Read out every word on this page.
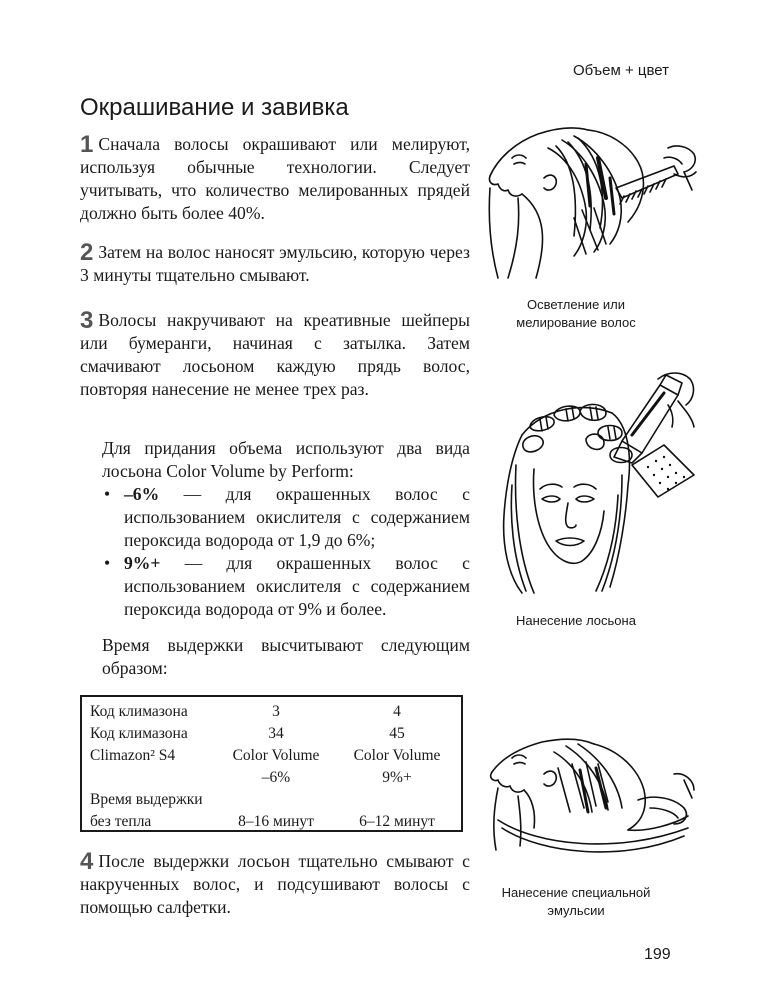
Объем + цвет
Окрашивание и завивка

1 Сначала волосы окрашивают или мелируют, используя обычные технологии. Следует учитывать, что количество мелированных прядей должно быть более 40%.

2 Затем на волос наносят эмульсию, которую через 3 минуты тщательно смывают.

3 Волосы накручивают на креативные шейперы или бумеранги, начиная с затылка. Затем смачивают лосьоном каждую прядь волос, повторяя нанесение не менее трех раз.

Для придания объема используют два вида лосьона Color Volume by Perform:

• –6% — для окрашенных волос с использованием окислителя с содержанием пероксида водорода от 1,9 до 6%;
• 9%+ — для окрашенных волос с использованием окислителя с содержанием пероксида водорода от 9% и более.

Время выдержки высчитывают следующим образом:

Код климазона	3	4
Код климазона	34	45
Climazon² S4	Color Volume	Color Volume
	–6%	9%+
Время выдержки		
без тепла	8–16 минут	6–12 минут

4 После выдержки лосьон тщательно смывают с накрученных волос, и подсушивают волосы с помощью салфетки.

Осветление или мелирование волос
Нанесение лосьона
Нанесение специальной эмульсии
199
